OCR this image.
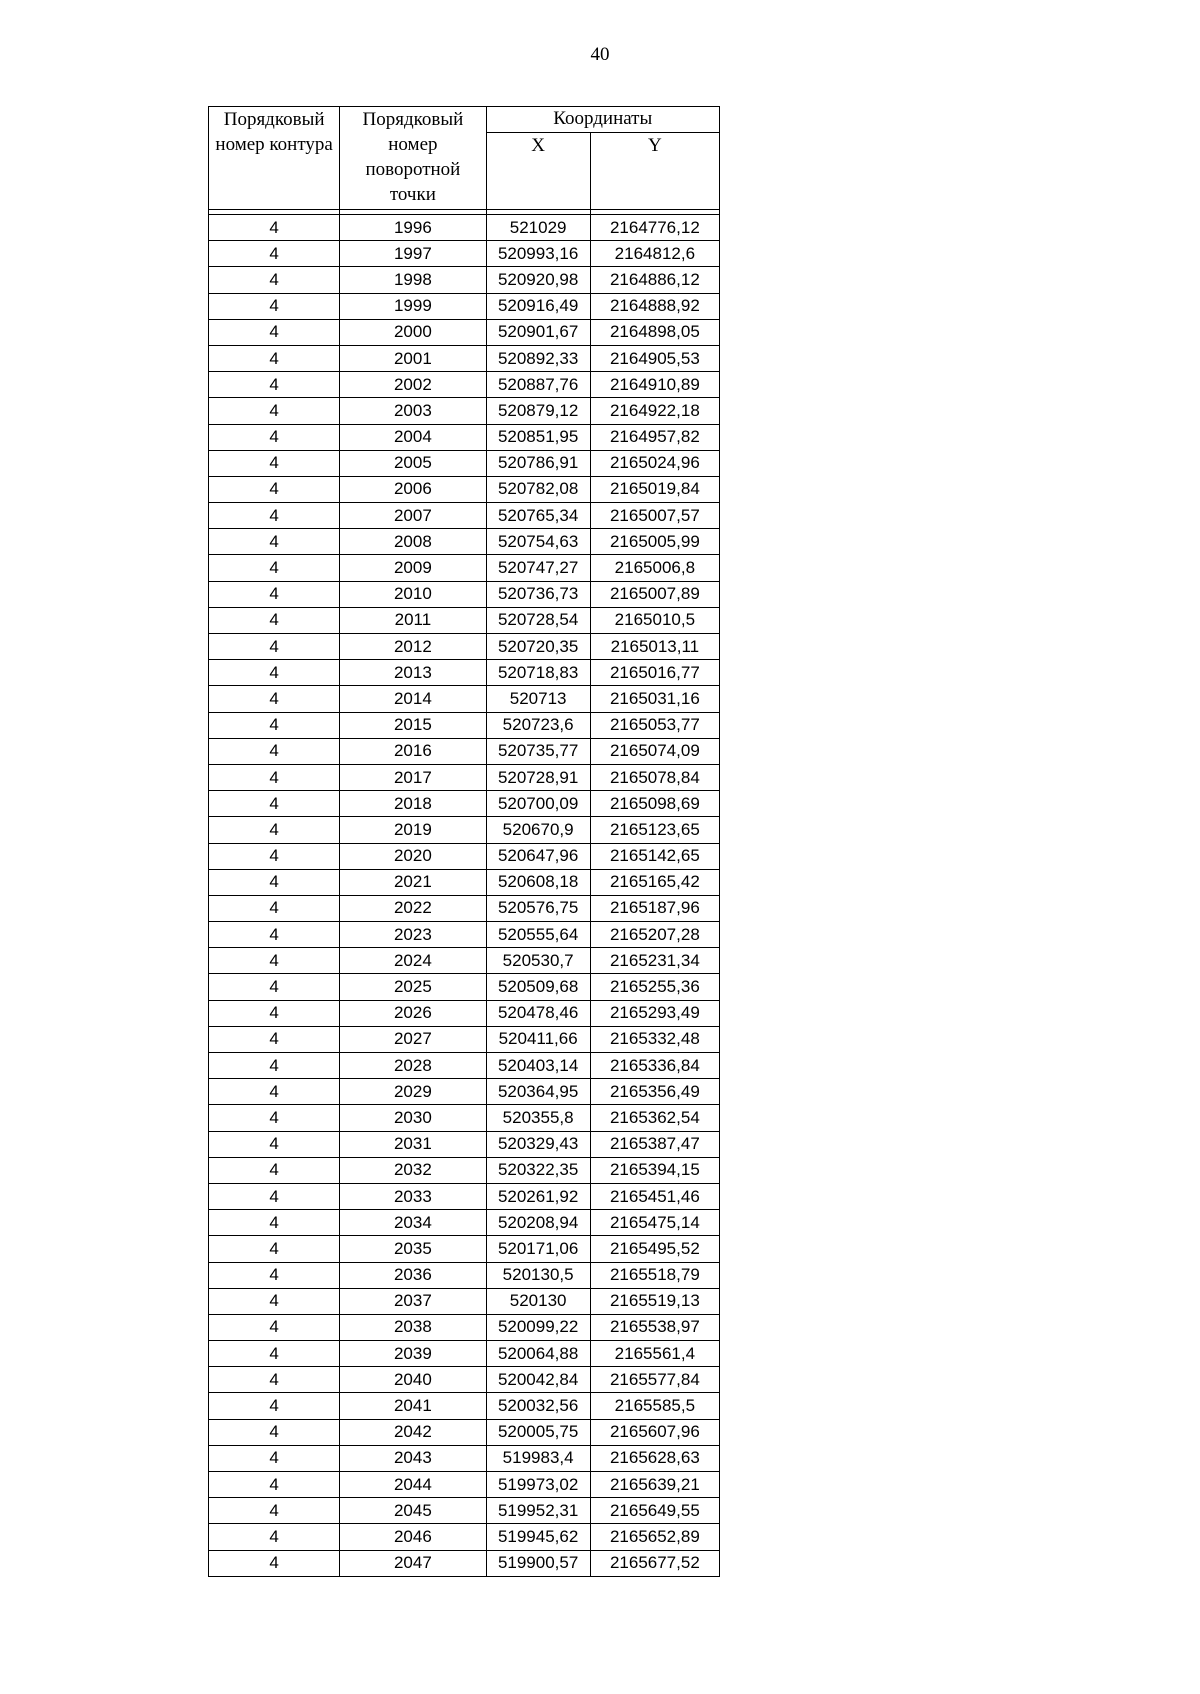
40
Порядковый номер контура	Порядковый номер поворотной точки	Координаты	
		X	Y

4	1996	521029	2164776,12
4	1997	520993,16	2164812,6
4	1998	520920,98	2164886,12
4	1999	520916,49	2164888,92
4	2000	520901,67	2164898,05
4	2001	520892,33	2164905,53
4	2002	520887,76	2164910,89
4	2003	520879,12	2164922,18
4	2004	520851,95	2164957,82
4	2005	520786,91	2165024,96
4	2006	520782,08	2165019,84
4	2007	520765,34	2165007,57
4	2008	520754,63	2165005,99
4	2009	520747,27	2165006,8
4	2010	520736,73	2165007,89
4	2011	520728,54	2165010,5
4	2012	520720,35	2165013,11
4	2013	520718,83	2165016,77
4	2014	520713	2165031,16
4	2015	520723,6	2165053,77
4	2016	520735,77	2165074,09
4	2017	520728,91	2165078,84
4	2018	520700,09	2165098,69
4	2019	520670,9	2165123,65
4	2020	520647,96	2165142,65
4	2021	520608,18	2165165,42
4	2022	520576,75	2165187,96
4	2023	520555,64	2165207,28
4	2024	520530,7	2165231,34
4	2025	520509,68	2165255,36
4	2026	520478,46	2165293,49
4	2027	520411,66	2165332,48
4	2028	520403,14	2165336,84
4	2029	520364,95	2165356,49
4	2030	520355,8	2165362,54
4	2031	520329,43	2165387,47
4	2032	520322,35	2165394,15
4	2033	520261,92	2165451,46
4	2034	520208,94	2165475,14
4	2035	520171,06	2165495,52
4	2036	520130,5	2165518,79
4	2037	520130	2165519,13
4	2038	520099,22	2165538,97
4	2039	520064,88	2165561,4
4	2040	520042,84	2165577,84
4	2041	520032,56	2165585,5
4	2042	520005,75	2165607,96
4	2043	519983,4	2165628,63
4	2044	519973,02	2165639,21
4	2045	519952,31	2165649,55
4	2046	519945,62	2165652,89
4	2047	519900,57	2165677,52
